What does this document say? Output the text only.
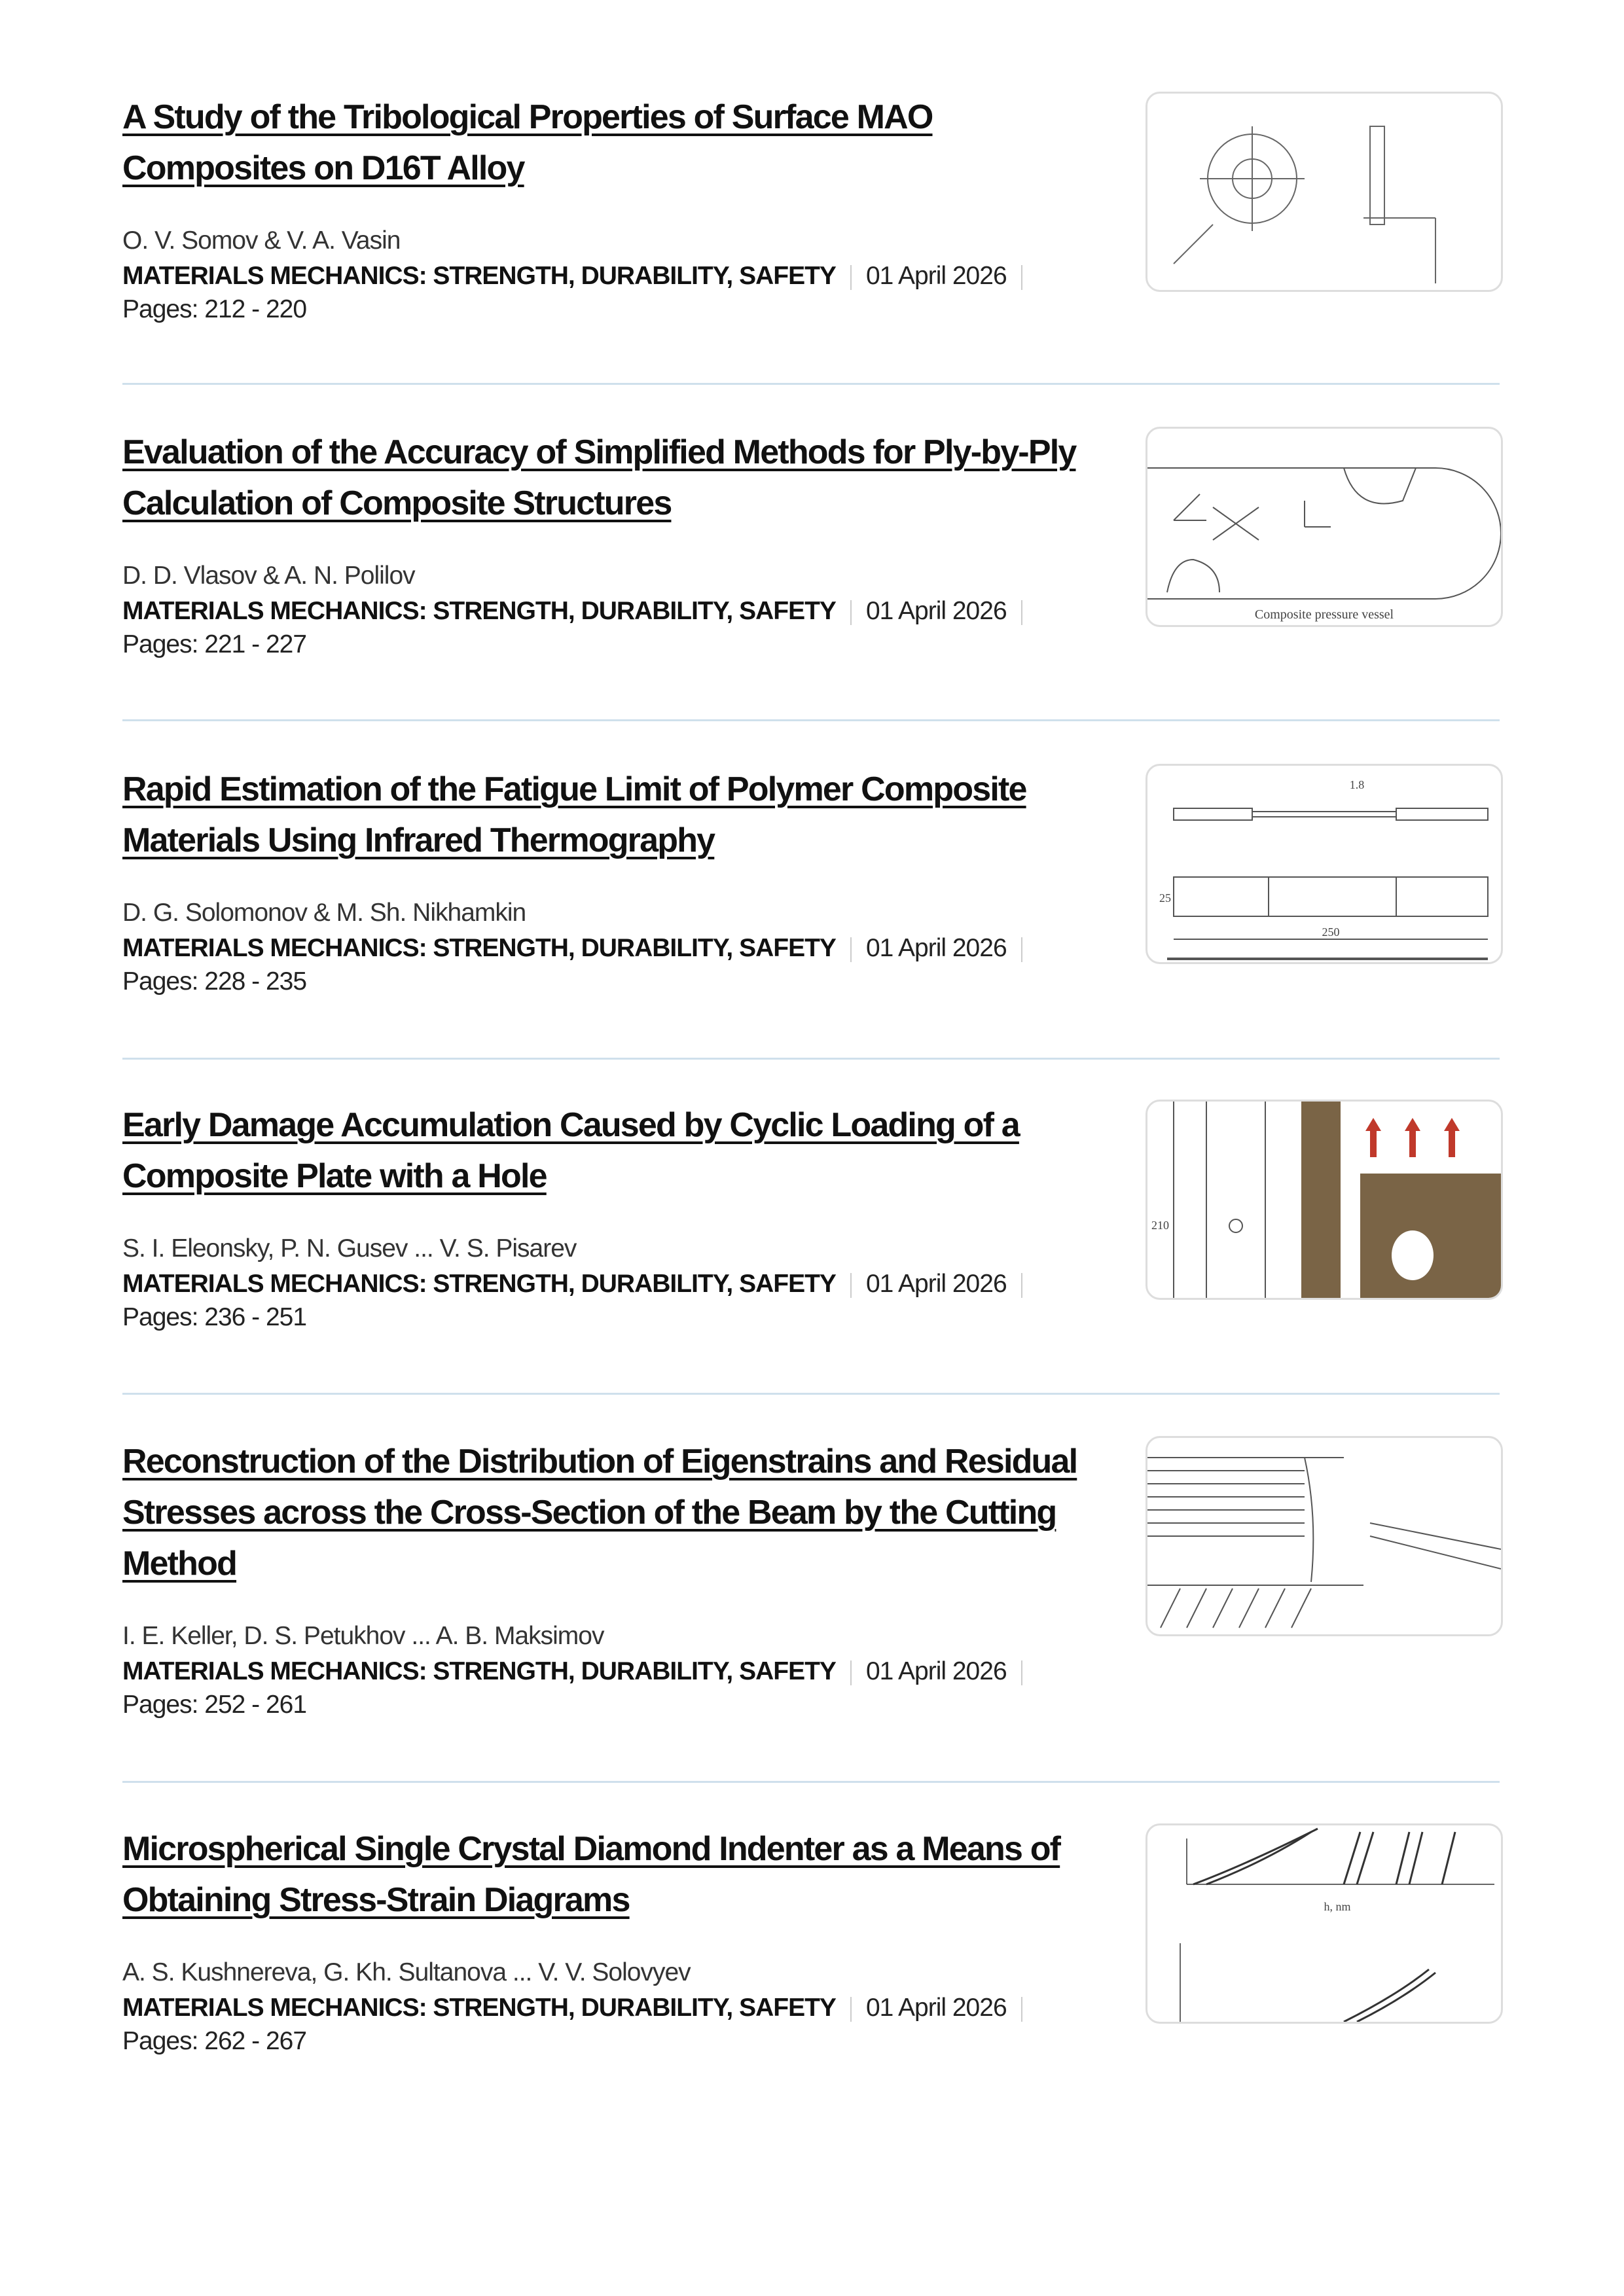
A Study of the Tribological Properties of Surface MAO Composites on D16T Alloy
O. V. Somov & V. A. Vasin
MATERIALS MECHANICS: STRENGTH, DURABILITY, SAFETY 01 April 2026
Pages: 212 - 220
Evaluation of the Accuracy of Simplified Methods for Ply-by-Ply Calculation of Composite Structures
D. D. Vlasov & A. N. Polilov
MATERIALS MECHANICS: STRENGTH, DURABILITY, SAFETY 01 April 2026
Pages: 221 - 227
Composite pressure vessel
Rapid Estimation of the Fatigue Limit of Polymer Composite Materials Using Infrared Thermography
D. G. Solomonov & M. Sh. Nikhamkin
MATERIALS MECHANICS: STRENGTH, DURABILITY, SAFETY 01 April 2026
Pages: 228 - 235
1.8
250
25
Early Damage Accumulation Caused by Cyclic Loading of a Composite Plate with a Hole
S. I. Eleonsky, P. N. Gusev ... V. S. Pisarev
MATERIALS MECHANICS: STRENGTH, DURABILITY, SAFETY 01 April 2026
Pages: 236 - 251
210
Reconstruction of the Distribution of Eigenstrains and Residual Stresses across the Cross-Section of the Beam by the Cutting Method
I. E. Keller, D. S. Petukhov ... A. B. Maksimov
MATERIALS MECHANICS: STRENGTH, DURABILITY, SAFETY 01 April 2026
Pages: 252 - 261
Microspherical Single Crystal Diamond Indenter as a Means of Obtaining Stress-Strain Diagrams
A. S. Kushnereva, G. Kh. Sultanova ... V. V. Solovyev
MATERIALS MECHANICS: STRENGTH, DURABILITY, SAFETY 01 April 2026
Pages: 262 - 267
h, nm
